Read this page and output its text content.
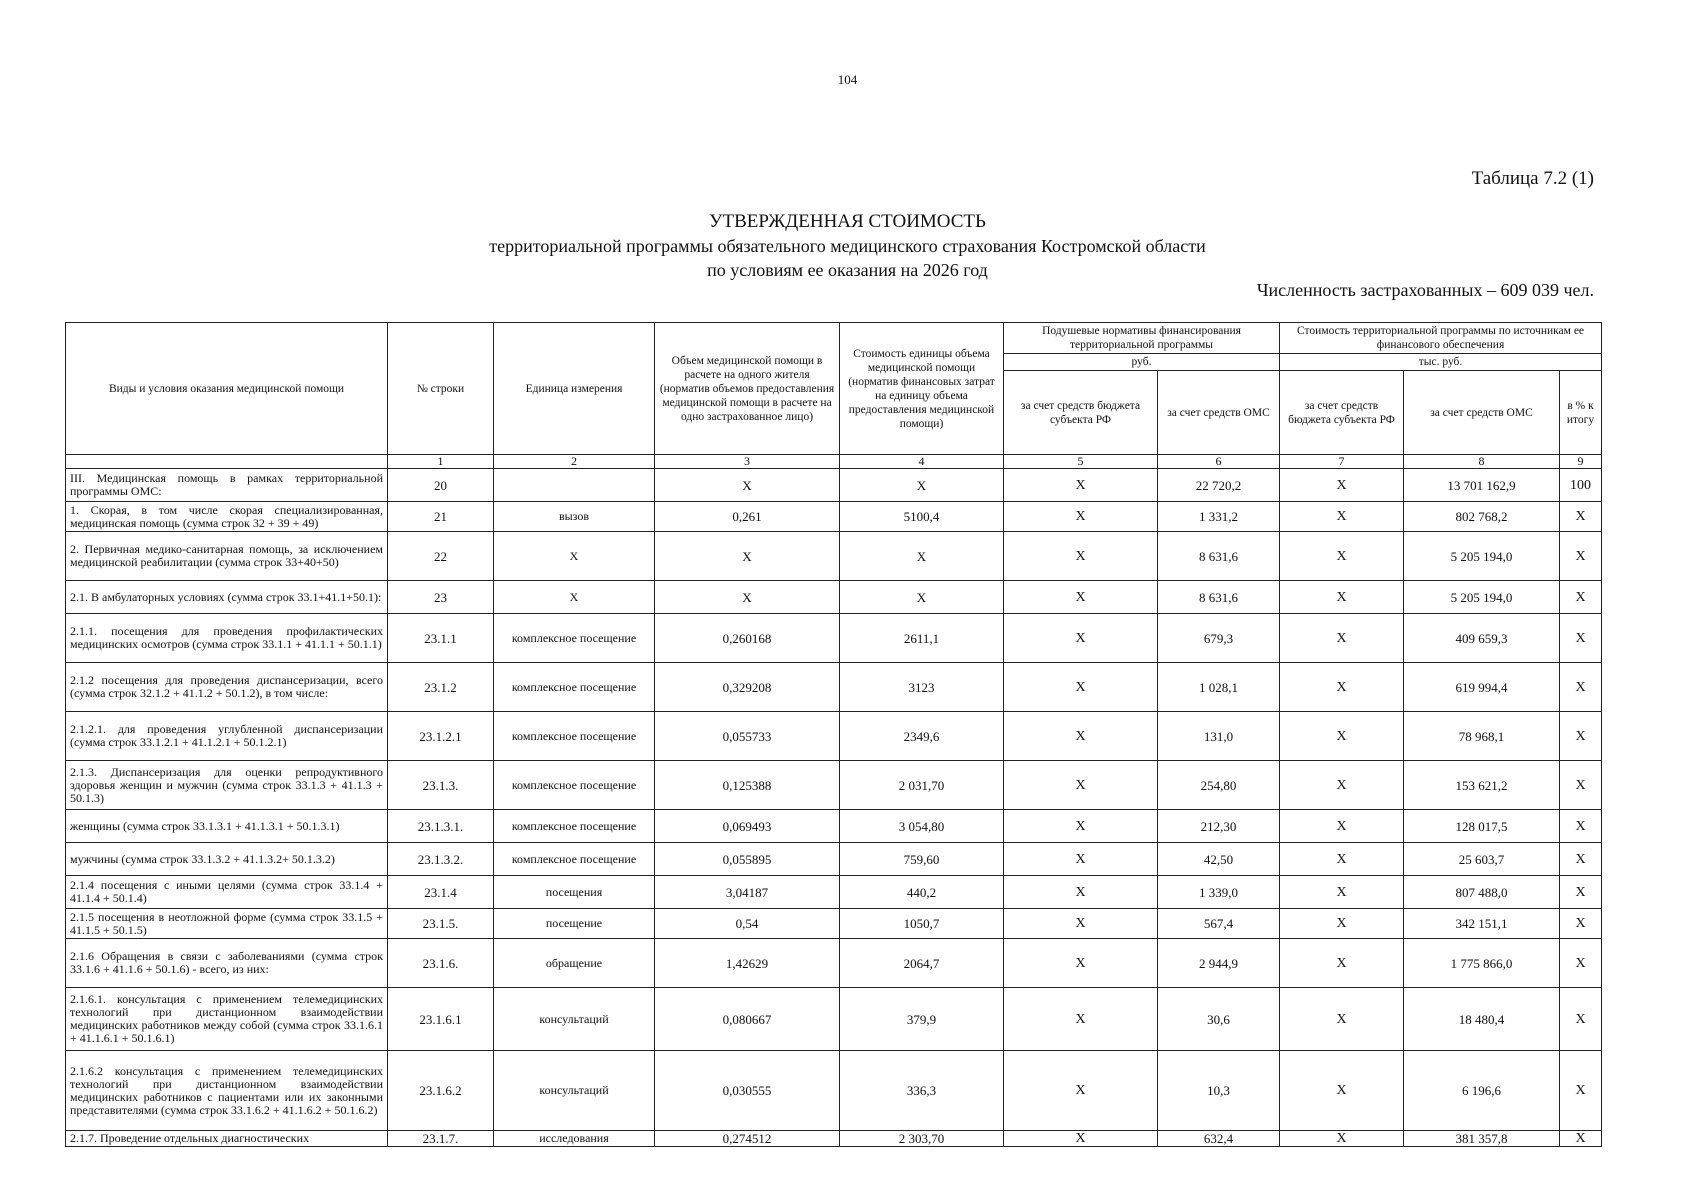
104
Таблица 7.2 (1)
УТВЕРЖДЕННАЯ СТОИМОСТЬ
территориальной программы обязательного медицинского страхования Костромской области
по условиям ее оказания на 2026 год
Численность застрахованных – 609 039 чел.
Виды и условия оказания медицинской помощи	№ строки	Единица измерения	Объем медицинской помощи в расчете на одного жителя (норматив объемов предоставления медицинской помощи в расчете на одно застрахованное лицо)	Стоимость единицы объема медицинской помощи (норматив финансовых затрат на единицу объема предоставления медицинской помощи)	Подушевые нормативы финансирования территориальной программы		Стоимость территориальной программы по источникам ее финансового обеспечения		
					руб.		тыс. руб.		
					за счет средств бюджета субъекта РФ	за счет средств ОМС	за счет средств бюджета субъекта РФ	за счет средств ОМС	в % к итогу
	1	2	3	4	5	6	7	8	9
III. Медицинская помощь в рамках территориальной программы ОМС:	20		X	X	X	22 720,2	X	13 701 162,9	100
1. Скорая, в том числе скорая специализированная, медицинская помощь (сумма строк 32 + 39 + 49)	21	вызов	0,261	5100,4	X	1 331,2	X	802 768,2	X
2. Первичная медико-санитарная помощь, за исключением медицинской реабилитации (сумма строк 33+40+50)	22	X	X	X	X	8 631,6	X	5 205 194,0	X
2.1. В амбулаторных условиях (сумма строк 33.1+41.1+50.1):	23	X	X	X	X	8 631,6	X	5 205 194,0	X
2.1.1. посещения для проведения профилактических медицинских осмотров (сумма строк 33.1.1 + 41.1.1 + 50.1.1)	23.1.1	комплексное посещение	0,260168	2611,1	X	679,3	X	409 659,3	X
2.1.2 посещения для проведения диспансеризации, всего (сумма строк 32.1.2 + 41.1.2 + 50.1.2), в том числе:	23.1.2	комплексное посещение	0,329208	3123	X	1 028,1	X	619 994,4	X
2.1.2.1. для проведения углубленной диспансеризации (сумма строк 33.1.2.1 + 41.1.2.1 + 50.1.2.1)	23.1.2.1	комплексное посещение	0,055733	2349,6	X	131,0	X	78 968,1	X
2.1.3. Диспансеризация для оценки репродуктивного здоровья женщин и мужчин (сумма строк 33.1.3 + 41.1.3 + 50.1.3)	23.1.3.	комплексное посещение	0,125388	2 031,70	X	254,80	X	153 621,2	X
женщины (сумма строк 33.1.3.1 + 41.1.3.1 + 50.1.3.1)	23.1.3.1.	комплексное посещение	0,069493	3 054,80	X	212,30	X	128 017,5	X
мужчины (сумма строк 33.1.3.2 + 41.1.3.2+ 50.1.3.2)	23.1.3.2.	комплексное посещение	0,055895	759,60	X	42,50	X	25 603,7	X
2.1.4 посещения с иными целями (сумма строк 33.1.4 + 41.1.4 + 50.1.4)	23.1.4	посещения	3,04187	440,2	X	1 339,0	X	807 488,0	X
2.1.5 посещения в неотложной форме (сумма строк 33.1.5 + 41.1.5 + 50.1.5)	23.1.5.	посещение	0,54	1050,7	X	567,4	X	342 151,1	X
2.1.6 Обращения в связи с заболеваниями (сумма строк 33.1.6 + 41.1.6 + 50.1.6) - всего, из них:	23.1.6.	обращение	1,42629	2064,7	X	2 944,9	X	1 775 866,0	X
2.1.6.1. консультация с применением телемедицинских технологий при дистанционном взаимодействии медицинских работников между собой (сумма строк 33.1.6.1 + 41.1.6.1 + 50.1.6.1)	23.1.6.1	консультаций	0,080667	379,9	X	30,6	X	18 480,4	X
2.1.6.2 консультация с применением телемедицинских технологий при дистанционном взаимодействии медицинских работников с пациентами или их законными представителями (сумма строк 33.1.6.2 + 41.1.6.2 + 50.1.6.2)	23.1.6.2	консультаций	0,030555	336,3	X	10,3	X	6 196,6	X
2.1.7. Проведение отдельных диагностических	23.1.7.	исследования	0,274512	2 303,70	X	632,4	X	381 357,8	X
